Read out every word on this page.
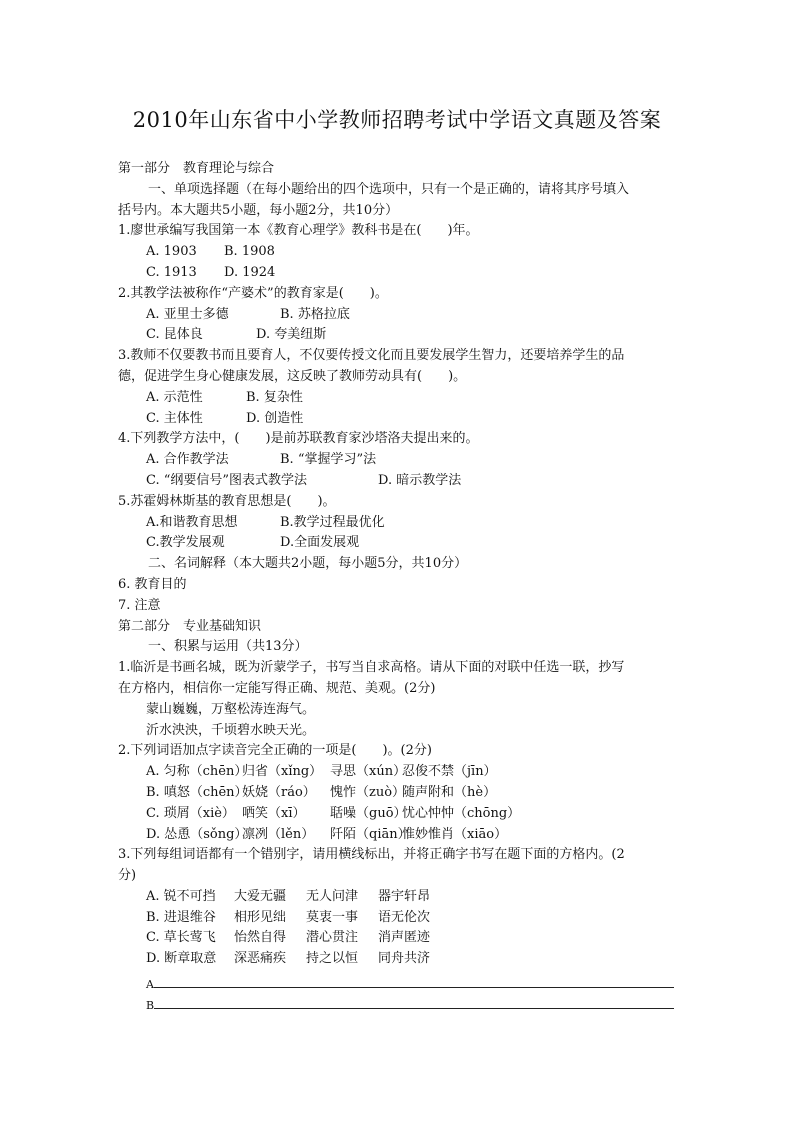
2010年山东省中小学教师招聘考试中学语文真题及答案
第一部分　教育理论与综合
一、单项选择题（在每小题给出的四个选项中，只有一个是正确的，请将其序号填入
括号内。本大题共5小题，每小题2分，共10分）
1.廖世承编写我国第一本《教育心理学》教科书是在(　　)年。
A. 1903 B. 1908
C. 1913 D. 1924
2.其教学法被称作“产婆术”的教育家是(　　)。
A. 亚里士多德	B. 苏格拉底
C. 昆体良	D. 夸美纽斯
3.教师不仅要教书而且要育人，不仅要传授文化而且要发展学生智力，还要培养学生的品
德，促进学生身心健康发展，这反映了教师劳动具有(　　)。
A. 示范性	B. 复杂性
C. 主体性	D. 创造性
4.下列教学方法中，(　　)是前苏联教育家沙塔洛夫提出来的。
A. 合作教学法	B. “掌握学习”法
C. “纲要信号”图表式教学法	D. 暗示教学法
5.苏霍姆林斯基的教育思想是(　　)。
A.和谐教育思想	B.教学过程最优化
C.教学发展观	D.全面发展观
二、名词解释（本大题共2小题，每小题5分，共10分）
6. 教育目的
7. 注意
第二部分　专业基础知识
一、积累与运用（共13分）
1.临沂是书画名城，既为沂蒙学子，书写当自求高格。请从下面的对联中任选一联，抄写
在方格内，相信你一定能写得正确、规范、美观。(2分)
蒙山巍巍，万壑松涛连海气。
沂水泱泱，千顷碧水映天光。
2.下列词语加点字读音完全正确的一项是(　　)。(2分)
A. 匀称（chēn）归省（xǐng） 寻思（xún）忍俊不禁（jīn）
B. 嗔怒（chēn）妖娆（ráo） 愧怍（zuò）随声附和（hè）
C. 琐屑（xiè） 哂笑（xī） 聒噪（guō）忧心忡忡（chōng）
D. 怂恿（sǒng）凛冽（lěn） 阡陌（qiān）惟妙惟肖（xiāo）
3.下列每组词语都有一个错别字，请用横线标出，并将正确字书写在题下面的方格内。(2
分)
A. 锐不可挡 大爱无疆 无人问津 器宇轩昂
B. 进退维谷 相形见绌 莫衷一事 语无伦次
C. 草长莺飞 怡然自得 潜心贯注 消声匿迹
D. 断章取意 深恶痛疾 持之以恒 同舟共济
A
B
